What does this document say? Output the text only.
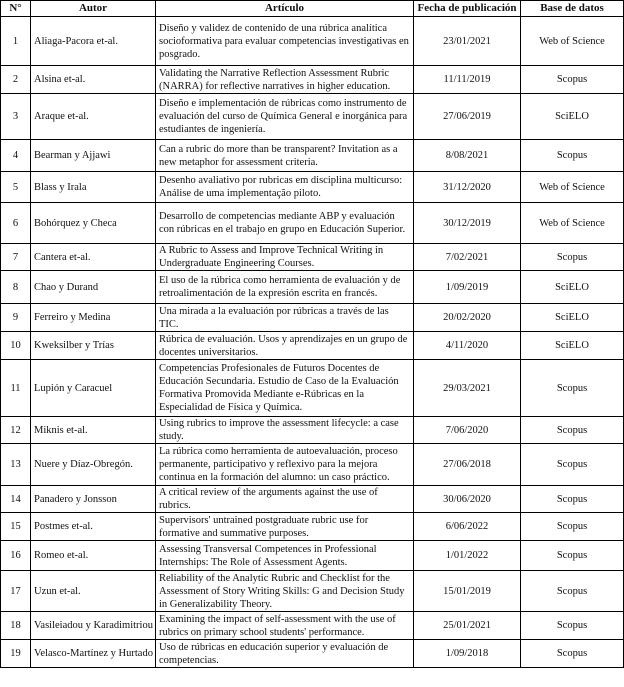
N°	Autor	Artículo	Fecha de publicación	Base de datos
1	Aliaga-Pacora et-al.	Diseño y validez de contenido de una rúbrica analítica socioformativa para evaluar competencias investigativas en posgrado.	23/01/2021	Web of Science
2	Alsina et-al.	Validating the Narrative Reflection Assessment Rubric (NARRA) for reflective narratives in higher education.	11/11/2019	Scopus
3	Araque et-al.	Diseño e implementación de rúbricas como instrumento de evaluación del curso de Química General e inorgánica para estudiantes de ingeniería.	27/06/2019	SciELO
4	Bearman y Ajjawi	Can a rubric do more than be transparent? Invitation as a new metaphor for assessment criteria.	8/08/2021	Scopus
5	Blass y Irala	Desenho avaliativo por rubricas em disciplina multicurso: Análise de uma implementação piloto.	31/12/2020	Web of Science
6	Bohórquez y Checa	Desarrollo de competencias mediante ABP y evaluación con rúbricas en el trabajo en grupo en Educación Superior.	30/12/2019	Web of Science
7	Cantera et-al.	A Rubric to Assess and Improve Technical Writing in Undergraduate Engineering Courses.	7/02/2021	Scopus
8	Chao y Durand	El uso de la rúbrica como herramienta de evaluación y de retroalimentación de la expresión escrita en francés.	1/09/2019	SciELO
9	Ferreiro y Medina	Una mirada a la evaluación por rúbricas a través de las TIC.	20/02/2020	SciELO
10	Kweksilber y Trías	Rúbrica de evaluación. Usos y aprendizajes en un grupo de docentes universitarios.	4/11/2020	SciELO
11	Lupión y Caracuel	Competencias Profesionales de Futuros Docentes de Educación Secundaria. Estudio de Caso de la Evaluación Formativa Promovida Mediante e-Rúbricas en la Especialidad de Física y Química.	29/03/2021	Scopus
12	Miknis et-al.	Using rubrics to improve the assessment lifecycle: a case study.	7/06/2020	Scopus
13	Nuere y Díaz-Obregón.	La rúbrica como herramienta de autoevaluación, proceso permanente, participativo y reflexivo para la mejora continua en la formación del alumno: un caso práctico.	27/06/2018	Scopus
14	Panadero y Jonsson	A critical review of the arguments against the use of rubrics.	30/06/2020	Scopus
15	Postmes et-al.	Supervisors' untrained postgraduate rubric use for formative and summative purposes.	6/06/2022	Scopus
16	Romeo et-al.	Assessing Transversal Competences in Professional Internships: The Role of Assessment Agents.	1/01/2022	Scopus
17	Uzun et-al.	Reliability of the Analytic Rubric and Checklist for the Assessment of Story Writing Skills: G and Decision Study in Generalizability Theory.	15/01/2019	Scopus
18	Vasileiadou y Karadimitriou	Examining the impact of self-assessment with the use of rubrics on primary school students' performance.	25/01/2021	Scopus
19	Velasco-Martínez y Hurtado	Uso de rúbricas en educación superior y evaluación de competencias.	1/09/2018	Scopus
